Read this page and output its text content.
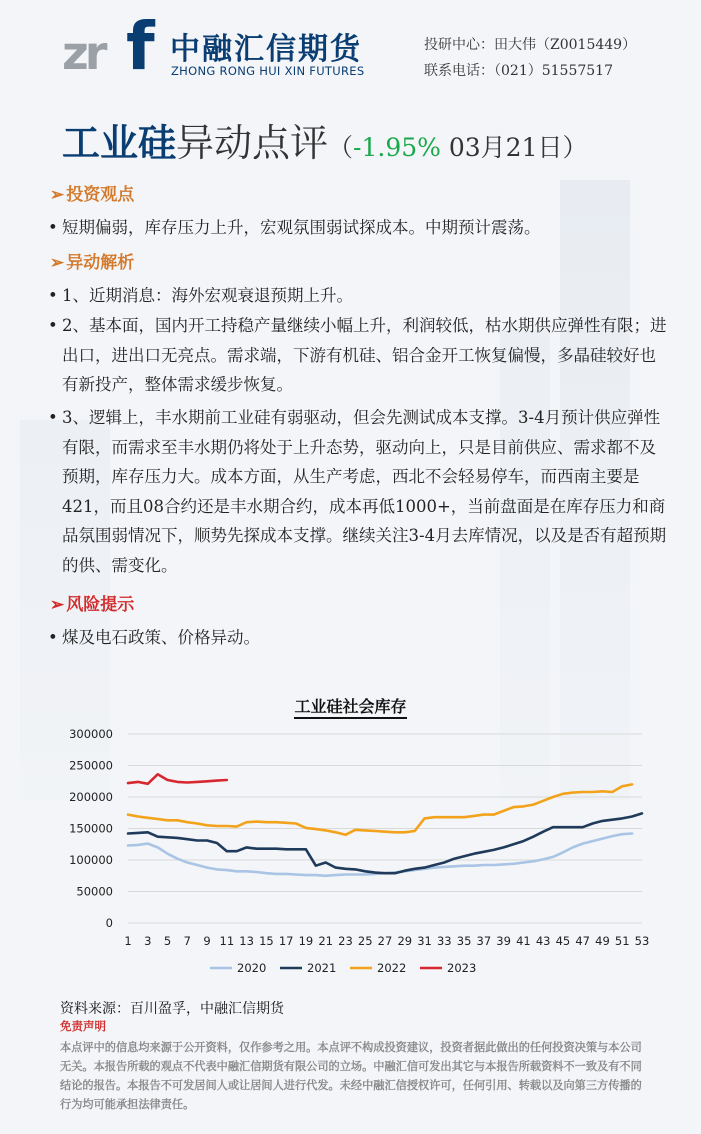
zr f 中融汇信期货
ZHONG RONG HUI XIN FUTURES
投研中心：田大伟（Z0015449）
联系电话：（021）51557517
工业硅异动点评（-1.95% 03月21日）
➢ 投资观点
• 短期偏弱，库存压力上升，宏观氛围弱试探成本。中期预计震荡。
➢ 异动解析
• 1、近期消息：海外宏观衰退预期上升。
• 2、基本面，国内开工持稳产量继续小幅上升，利润较低，枯水期供应弹性有限；进出口，进出口无亮点。需求端，下游有机硅、铝合金开工恢复偏慢，多晶硅较好也有新投产，整体需求缓步恢复。
• 3、逻辑上，丰水期前工业硅有弱驱动，但会先测试成本支撑。3-4月预计供应弹性有限，而需求至丰水期仍将处于上升态势，驱动向上，只是目前供应、需求都不及预期，库存压力大。成本方面，从生产考虑，西北不会轻易停车，而西南主要是421，而且08合约还是丰水期合约，成本再低1000+，当前盘面是在库存压力和商品氛围弱情况下，顺势先探成本支撑。继续关注3-4月去库情况，以及是否有超预期的供、需变化。
➢ 风险提示
• 煤及电石政策、价格异动。
工业硅社会库存
0
50000
100000
150000
200000
250000
300000
1 3 5 7 9 11 13 15 17 19 21 23 25 27 29 31 33 35 37 39 41 43 45 47 49 51 53
2020	2021	2022	2023
资料来源：百川盈孚，中融汇信期货
免责声明
本点评中的信息均来源于公开资料，仅作参考之用。本点评不构成投资建议，投资者据此做出的任何投资决策与本公司无关。本报告所载的观点不代表中融汇信期货有限公司的立场。中融汇信可发出其它与本报告所载资料不一致及有不同结论的报告。本报告不可发居间人或让居间人进行代发。未经中融汇信授权许可，任何引用、转载以及向第三方传播的行为均可能承担法律责任。
